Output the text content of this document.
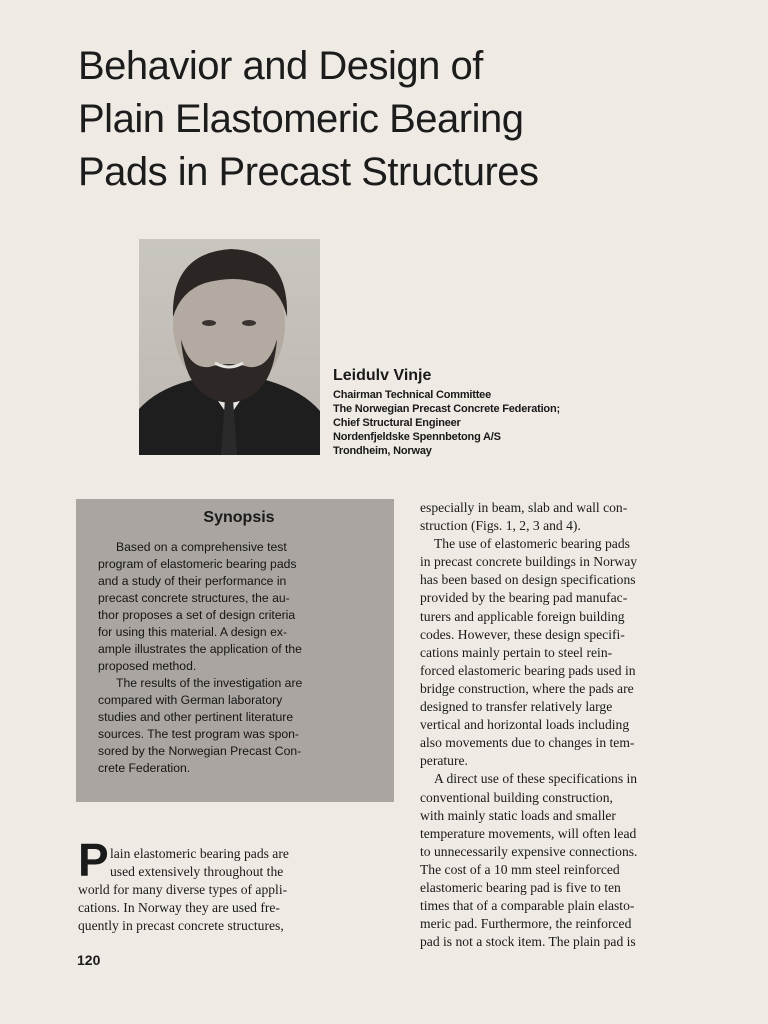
Behavior and Design of
Plain Elastomeric Bearing
Pads in Precast Structures
Leidulv Vinje
Chairman Technical Committee
The Norwegian Precast Concrete Federation;
Chief Structural Engineer
Nordenfjeldske Spennbetong A/S
Trondheim, Norway
Synopsis
Based on a comprehensive test
program of elastomeric bearing pads
and a study of their performance in
precast concrete structures, the au-
thor proposes a set of design criteria
for using this material. A design ex-
ample illustrates the application of the
proposed method.
The results of the investigation are
compared with German laboratory
studies and other pertinent literature
sources. The test program was spon-
sored by the Norwegian Precast Con-
crete Federation.
P lain elastomeric bearing pads are
used extensively throughout the
world for many diverse types of appli-
cations. In Norway they are used fre-
quently in precast concrete structures,
especially in beam, slab and wall con-
struction (Figs. 1, 2, 3 and 4).
The use of elastomeric bearing pads
in precast concrete buildings in Norway
has been based on design specifications
provided by the bearing pad manufac-
turers and applicable foreign building
codes. However, these design specifi-
cations mainly pertain to steel rein-
forced elastomeric bearing pads used in
bridge construction, where the pads are
designed to transfer relatively large
vertical and horizontal loads including
also movements due to changes in tem-
perature.
A direct use of these specifications in
conventional building construction,
with mainly static loads and smaller
temperature movements, will often lead
to unnecessarily expensive connections.
The cost of a 10 mm steel reinforced
elastomeric bearing pad is five to ten
times that of a comparable plain elasto-
meric pad. Furthermore, the reinforced
pad is not a stock item. The plain pad is
120
